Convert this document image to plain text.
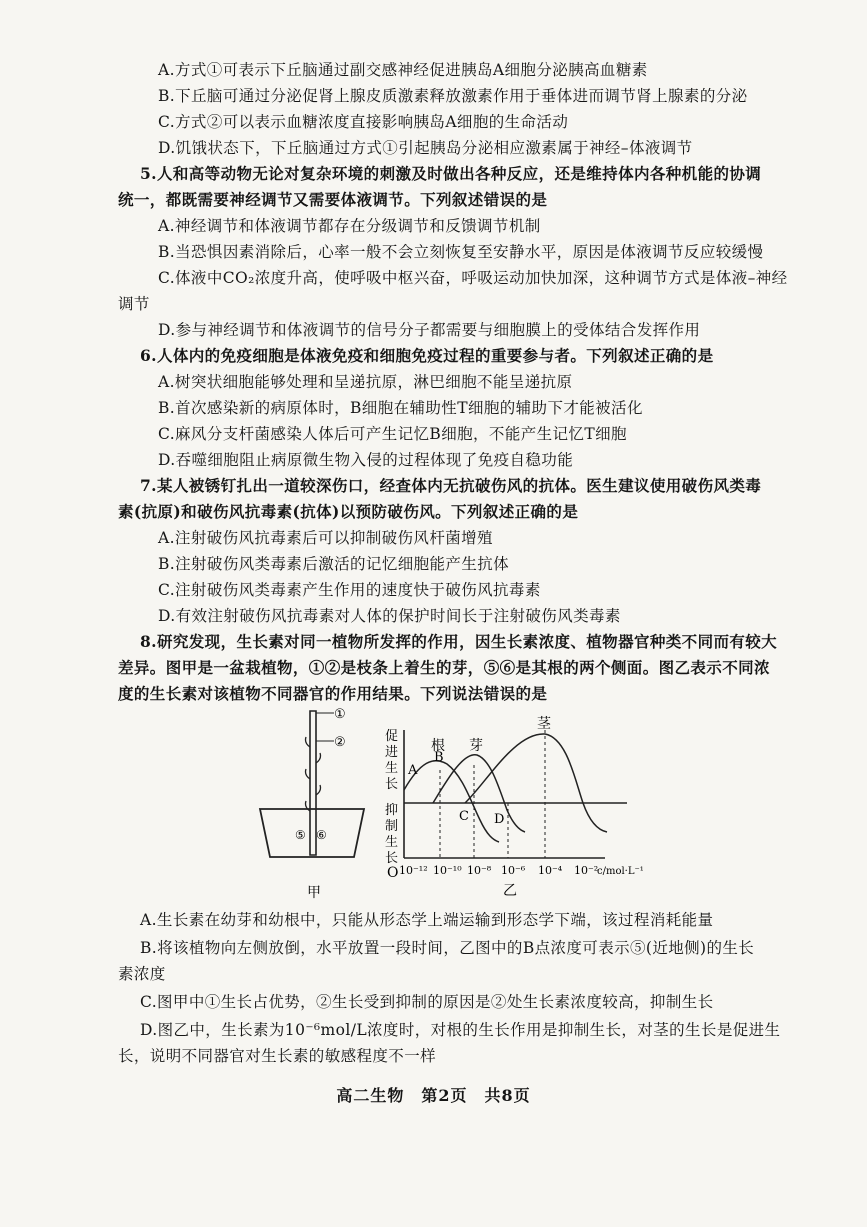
A.方式①可表示下丘脑通过副交感神经促进胰岛A细胞分泌胰高血糖素
B.下丘脑可通过分泌促肾上腺皮质激素释放激素作用于垂体进而调节肾上腺素的分泌
C.方式②可以表示血糖浓度直接影响胰岛A细胞的生命活动
D.饥饿状态下，下丘脑通过方式①引起胰岛分泌相应激素属于神经–体液调节
5.人和高等动物无论对复杂环境的刺激及时做出各种反应，还是维持体内各种机能的协调
统一，都既需要神经调节又需要体液调节。下列叙述错误的是
A.神经调节和体液调节都存在分级调节和反馈调节机制
B.当恐惧因素消除后，心率一般不会立刻恢复至安静水平，原因是体液调节反应较缓慢
C.体液中CO₂浓度升高，使呼吸中枢兴奋，呼吸运动加快加深，这种调节方式是体液–神经
调节
D.参与神经调节和体液调节的信号分子都需要与细胞膜上的受体结合发挥作用
6.人体内的免疫细胞是体液免疫和细胞免疫过程的重要参与者。下列叙述正确的是
A.树突状细胞能够处理和呈递抗原，淋巴细胞不能呈递抗原
B.首次感染新的病原体时，B细胞在辅助性T细胞的辅助下才能被活化
C.麻风分支杆菌感染人体后可产生记忆B细胞，不能产生记忆T细胞
D.吞噬细胞阻止病原微生物入侵的过程体现了免疫自稳功能
7.某人被锈钉扎出一道较深伤口，经查体内无抗破伤风的抗体。医生建议使用破伤风类毒
素(抗原)和破伤风抗毒素(抗体)以预防破伤风。下列叙述正确的是
A.注射破伤风抗毒素后可以抑制破伤风杆菌增殖
B.注射破伤风类毒素后激活的记忆细胞能产生抗体
C.注射破伤风类毒素产生作用的速度快于破伤风抗毒素
D.有效注射破伤风抗毒素对人体的保护时间长于注射破伤风类毒素
8.研究发现，生长素对同一植物所发挥的作用，因生长素浓度、植物器官种类不同而有较大
差异。图甲是一盆栽植物，①②是枝条上着生的芽，⑤⑥是其根的两个侧面。图乙表示不同浓
度的生长素对该植物不同器官的作用结果。下列说法错误的是
A.生长素在幼芽和幼根中，只能从形态学上端运输到形态学下端，该过程消耗能量
B.将该植物向左侧放倒，水平放置一段时间，乙图中的B点浓度可表示⑤(近地侧)的生长
素浓度
C.图甲中①生长占优势，②生长受到抑制的原因是②处生长素浓度较高，抑制生长
D.图乙中，生长素为10⁻⁶mol/L浓度时，对根的生长作用是抑制生长，对茎的生长是促进生
长，说明不同器官对生长素的敏感程度不一样
①
②
⑤ ⑥
甲
促
进
生
长
抑
制
生
长
O
根 芽
茎
A
B
C D
10⁻¹² 10⁻¹⁰ 10⁻⁸ 10⁻⁶ 10⁻⁴ 10⁻²
c/mol·L⁻¹
乙
高二生物　第2页　共8页
